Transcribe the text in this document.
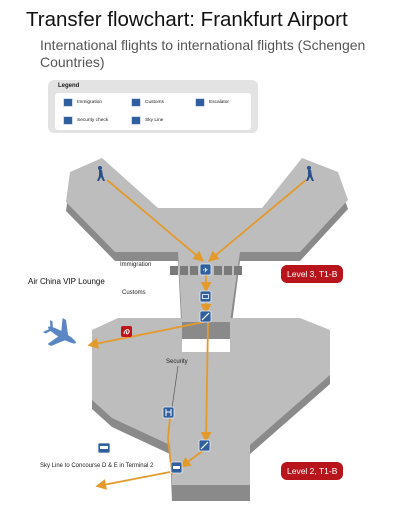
Transfer flowchart: Frankfurt Airport
International flights to international flights (Schengen Countries)
Legend
Immigration	Customs	Escalator
Security check	Sky Line
✈
Immigration
Customs
Security
Air China VIP Lounge
Sky Line to Concourse D & E in Terminal 2
Level 3, T1-B
Level 2, T1-B
